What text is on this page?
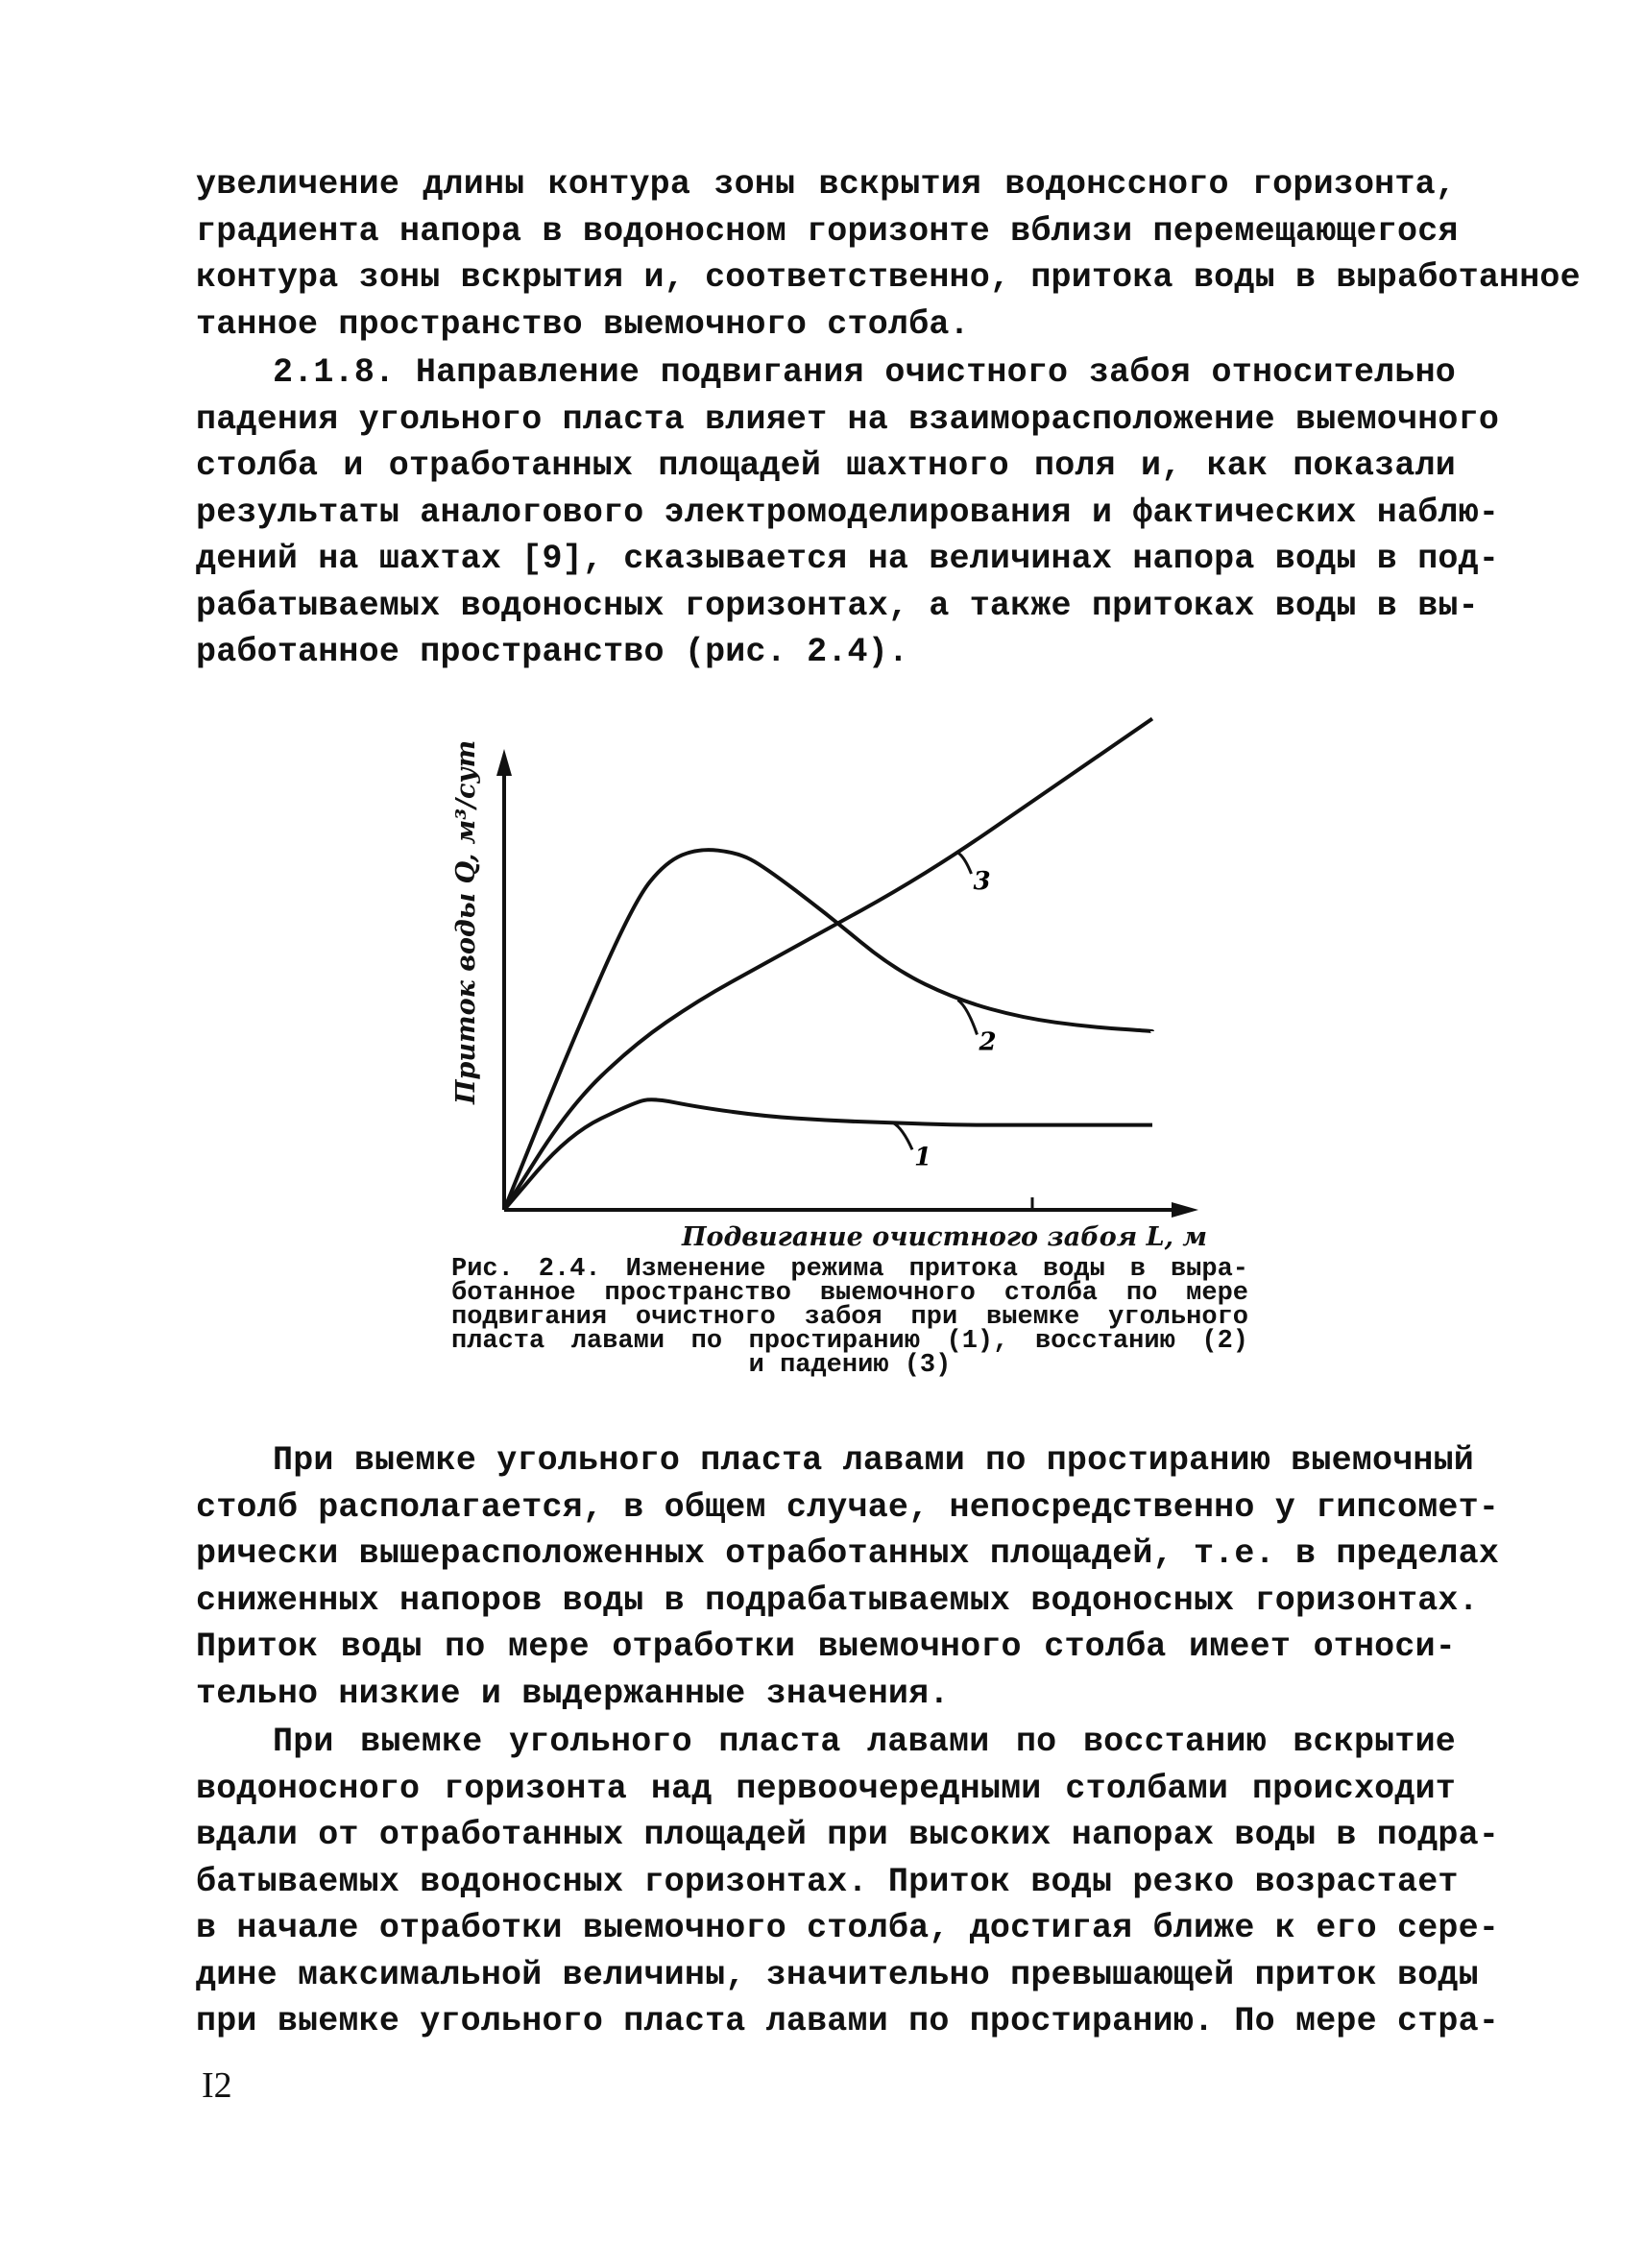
увеличение длины контура зоны вскрытия водонсcного горизонта,
градиента напора в водоносном горизонте вблизи перемещающегося
контура зоны вскрытия и, соответственно, притока воды в выработанное
танное пространство выемочного столба.
2.1.8. Направление подвигания очистного забоя относительно
падения угольного пласта влияет на взаиморасположение выемочного
столба и отработанных площадей шахтного поля и, как показали
результаты аналогового электромоделирования и фактических наблю-
дений на шахтах [9], сказывается на величинах напора воды в под-
рабатываемых водоносных горизонтах, а также притоках воды в вы-
работанное пространство (рис. 2.4).
1
2
3
Приток воды Q, м³/сут
Подвигание очистного забоя L, м
Рис. 2.4. Изменение режима притока воды в выра-
ботанное пространство выемочного столба по мере
подвигания очистного забоя при выемке угольного
пласта лавами по простиранию (1), восстанию (2)
и падению (3)
При выемке угольного пласта лавами по простиранию выемочный
столб располагается, в общем случае, непосредственно у гипсомет-
рически вышерасположенных отработанных площадей, т.е. в пределах
сниженных напоров воды в подрабатываемых водоносных горизонтах.
Приток воды по мере отработки выемочного столба имеет относи-
тельно низкие и выдержанные значения.
При выемке угольного пласта лавами по восстанию вскрытие
водоносного горизонта над первоочередными столбами происходит
вдали от отработанных площадей при высоких напорах воды в подра-
батываемых водоносных горизонтах. Приток воды резко возрастает
в начале отработки выемочного столба, достигая ближе к его сере-
дине максимальной величины, значительно превышающей приток воды
при выемке угольного пласта лавами по простиранию. По мере стра-
I2
